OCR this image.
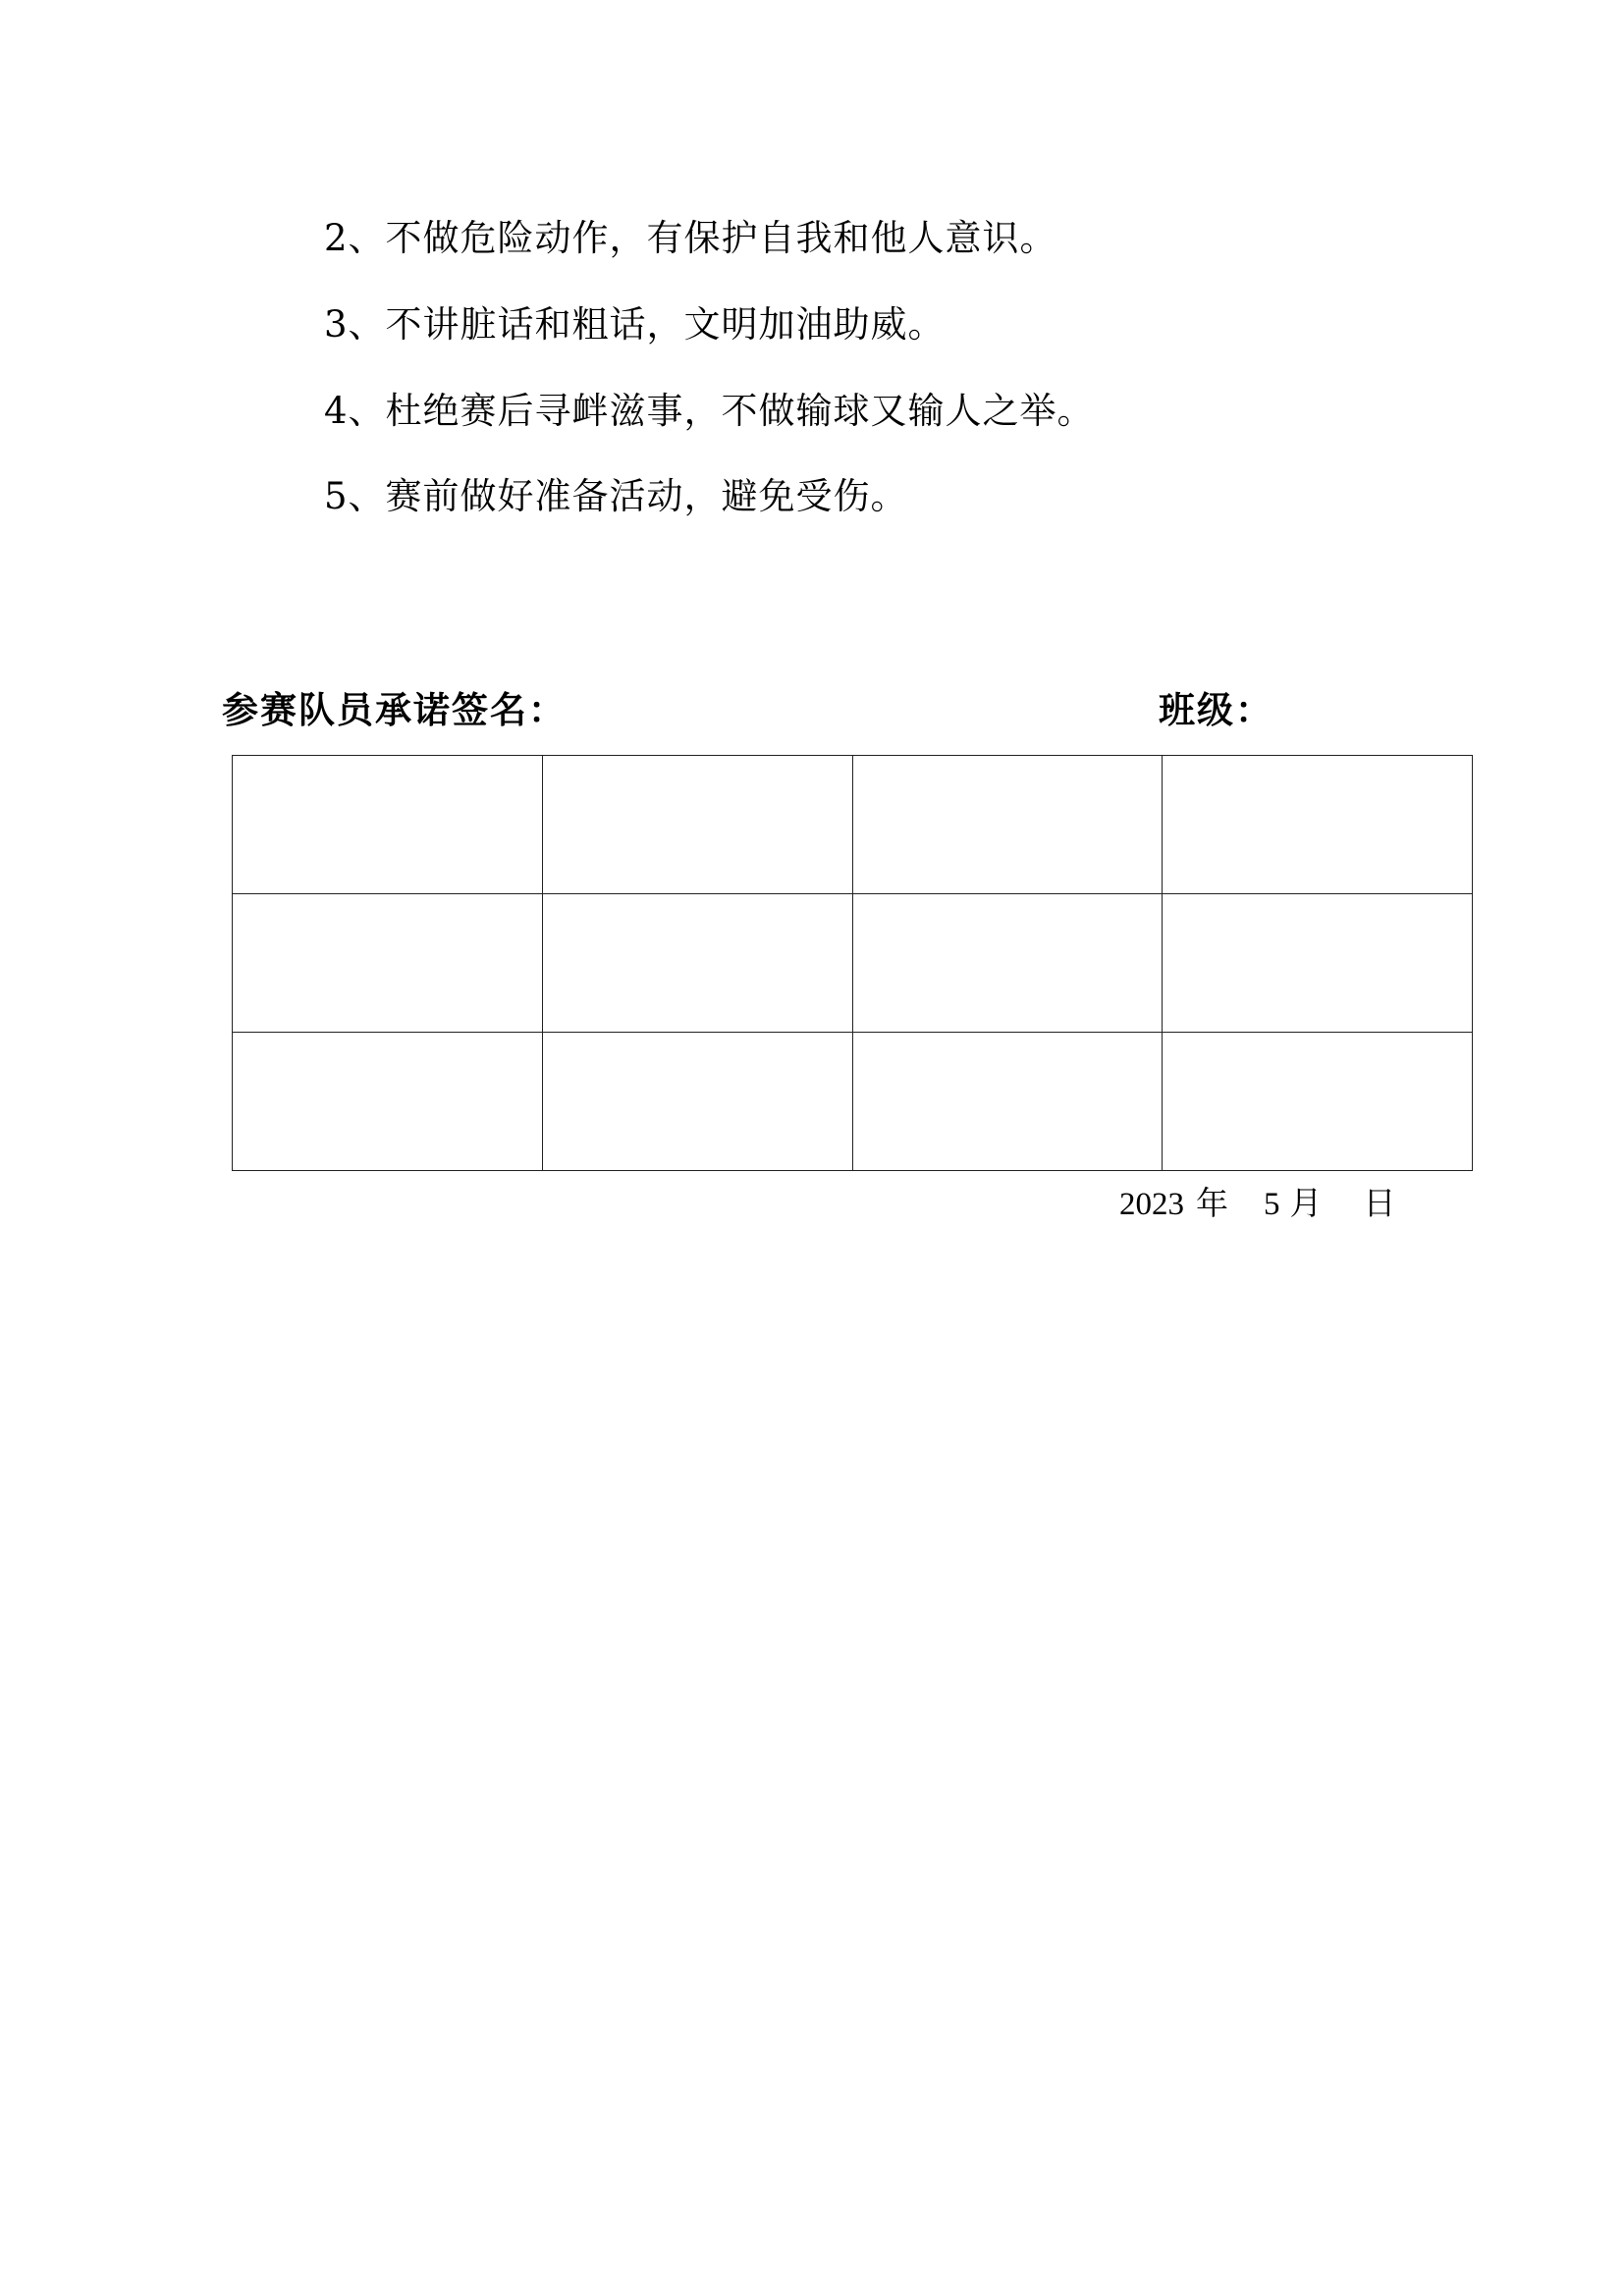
2、不做危险动作，有保护自我和他人意识。
3、不讲脏话和粗话，文明加油助威。
4、杜绝赛后寻衅滋事，不做输球又输人之举。
5、赛前做好准备活动，避免受伤。
参赛队员承诺签名：	班级：

2023 年 5 月 日
